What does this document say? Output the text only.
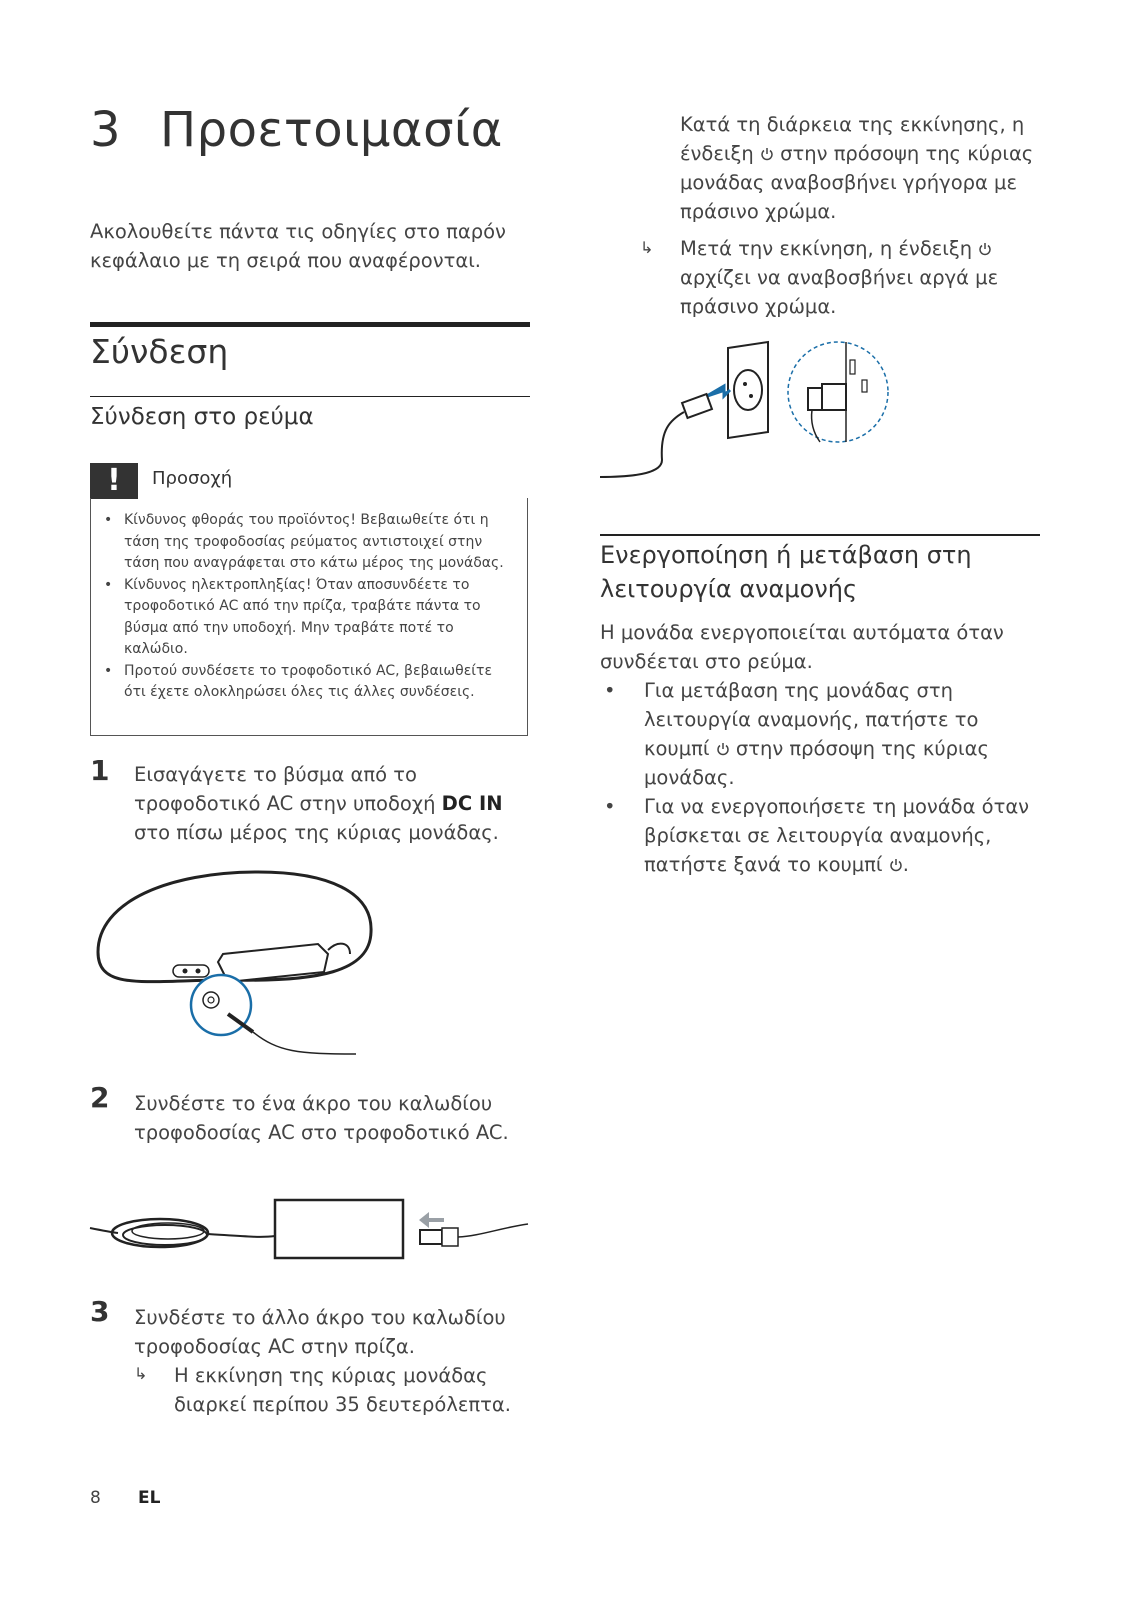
3 Προετοιμασία
Ακολουθείτε πάντα τις οδηγίες στο παρόν κεφάλαιο με τη σειρά που αναφέρονται.
Σύνδεση
Σύνδεση στο ρεύμα
!	Προσοχή
• Κίνδυνος φθοράς του προϊόντος! Βεβαιωθείτε ότι η τάση της τροφοδοσίας ρεύματος αντιστοιχεί στην τάση που αναγράφεται στο κάτω μέρος της μονάδας.
• Κίνδυνος ηλεκτροπληξίας! Όταν αποσυνδέετε το τροφοδοτικό AC από την πρίζα, τραβάτε πάντα το βύσμα από την υποδοχή. Μην τραβάτε ποτέ το καλώδιο.
• Προτού συνδέσετε το τροφοδοτικό AC, βεβαιωθείτε ότι έχετε ολοκληρώσει όλες τις άλλες συνδέσεις.
1 Εισαγάγετε το βύσμα από το τροφοδοτικό AC στην υποδοχή DC IN στο πίσω μέρος της κύριας μονάδας.
2 Συνδέστε το ένα άκρο του καλωδίου τροφοδοσίας AC στο τροφοδοτικό AC.
3 Συνδέστε το άλλο άκρο του καλωδίου τροφοδοσίας AC στην πρίζα.
↳ Η εκκίνηση της κύριας μονάδας διαρκεί περίπου 35 δευτερόλεπτα.
8 EL
Κατά τη διάρκεια της εκκίνησης, η ένδειξη στην πρόσοψη της κύριας μονάδας αναβοσβήνει γρήγορα με πράσινο χρώμα.
↳ Μετά την εκκίνηση, η ένδειξη  αρχίζει να αναβοσβήνει αργά με πράσινο χρώμα.
Ενεργοποίηση ή μετάβαση στη λειτουργία αναμονής
Η μονάδα ενεργοποιείται αυτόματα όταν συνδέεται στο ρεύμα.
• Για μετάβαση της μονάδας στη λειτουργία αναμονής, πατήστε το κουμπί στην πρόσοψη της κύριας μονάδας.
• Για να ενεργοποιήσετε τη μονάδα όταν βρίσκεται σε λειτουργία αναμονής, πατήστε ξανά το κουμπί .
